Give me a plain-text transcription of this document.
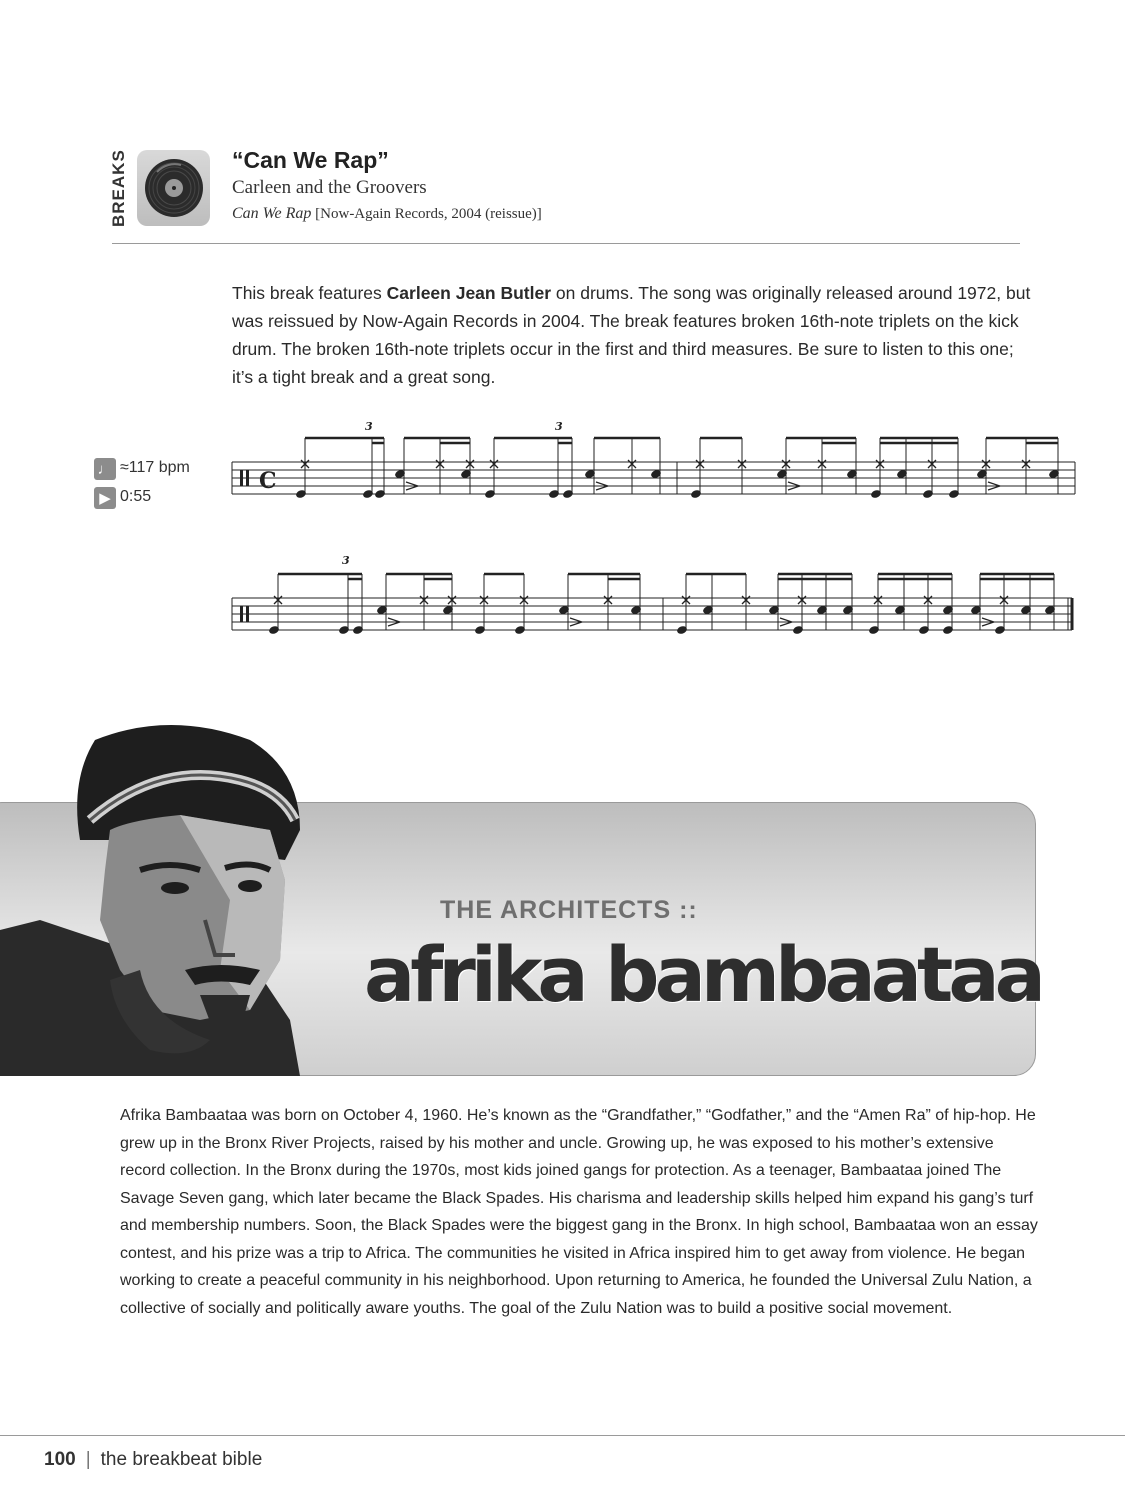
BREAKS	“Can We Rap”
Carleen and the Groovers
Can We Rap [Now-Again Records, 2004 (reissue)]
This break features Carleen Jean Butler on drums. The song was originally released around 1972, but was reissued by Now-Again Records in 2004. The break features broken 16th-note triplets on the kick drum. The broken 16th-note triplets occur in the first and third measures. Be sure to listen to this one; it’s a tight break and a great song.
♩ ≈117 bpm
▶ 0:55
C
3	3
3
THE ARCHITECTS ::
afrika bambaataa
Afrika Bambaataa was born on October 4, 1960. He’s known as the “Grandfather,” “Godfather,” and the “Amen Ra” of hip-hop. He grew up in the Bronx River Projects, raised by his mother and uncle. Growing up, he was exposed to his mother’s extensive record collection. In the Bronx during the 1970s, most kids joined gangs for protection. As a teenager, Bambaataa joined The Savage Seven gang, which later became the Black Spades. His charisma and leadership skills helped him expand his gang’s turf and membership numbers. Soon, the Black Spades were the biggest gang in the Bronx. In high school, Bambaataa won an essay contest, and his prize was a trip to Africa. The communities he visited in Africa inspired him to get away from violence. He began working to create a peaceful community in his neighborhood. Upon returning to America, he founded the Universal Zulu Nation, a collective of socially and politically aware youths. The goal of the Zulu Nation was to build a positive social movement.
100 | the breakbeat bible
